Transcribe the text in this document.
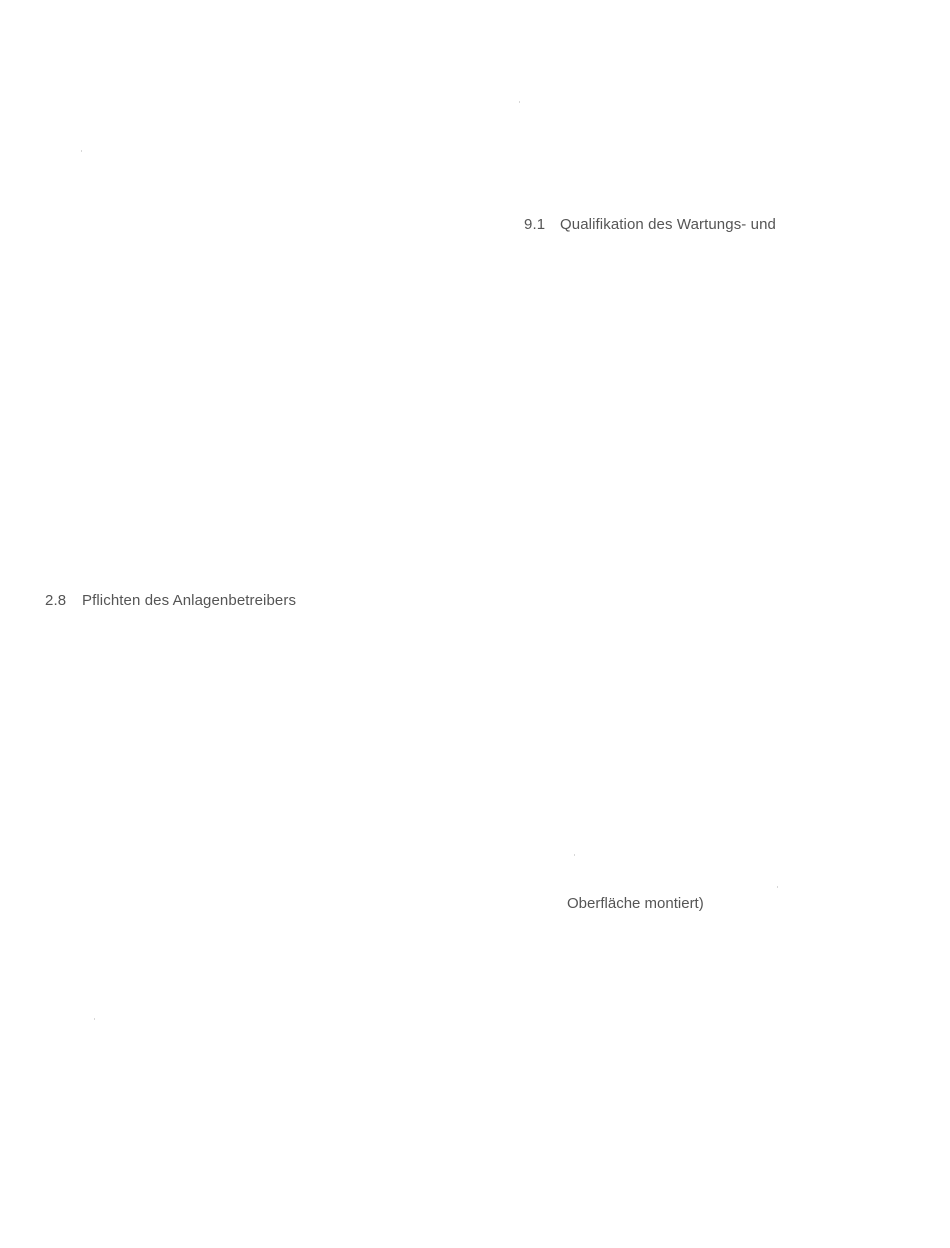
9.1 Qualifikation des Wartungs- und
2.8 Pflichten des Anlagenbetreibers
Oberfläche montiert)
